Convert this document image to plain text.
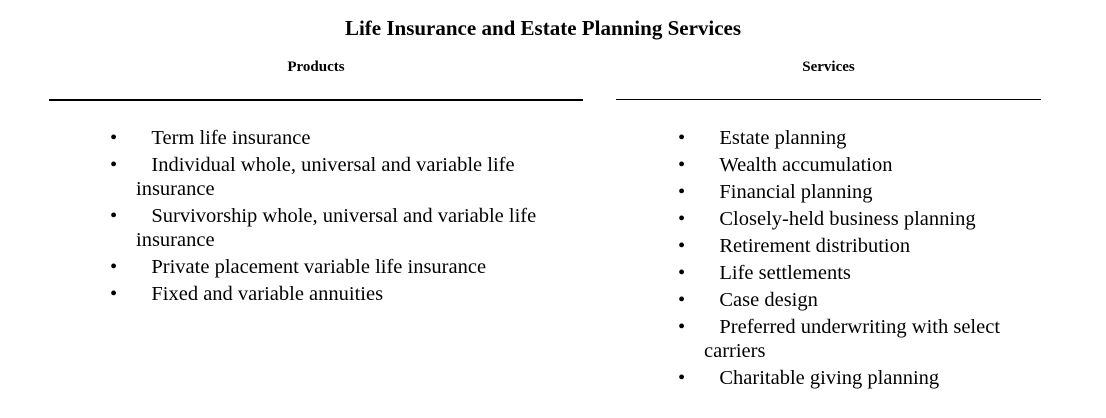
Life Insurance and Estate Planning Services
Products
• Term life insurance
• Individual whole, universal and variable life insurance
• Survivorship whole, universal and variable life insurance
• Private placement variable life insurance
• Fixed and variable annuities
Services
• Estate planning
• Wealth accumulation
• Financial planning
• Closely-held business planning
• Retirement distribution
• Life settlements
• Case design
• Preferred underwriting with select carriers
• Charitable giving planning
